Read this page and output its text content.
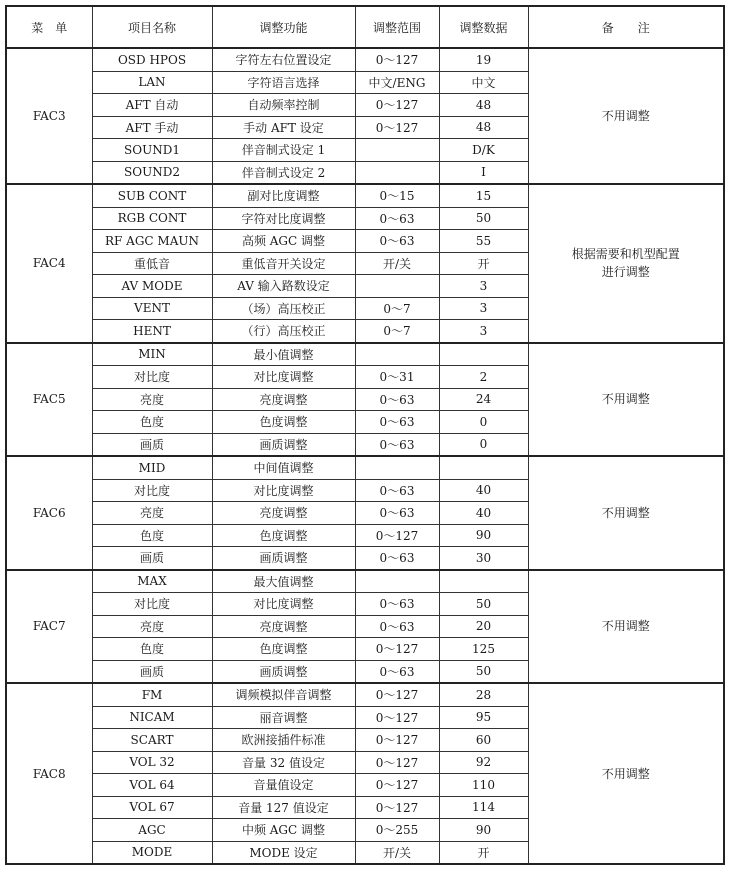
菜　单	项目名称	调整功能	调整范围	调整数据	备　　注
FAC3	OSD HPOS	字符左右位置设定	0～127	19	不用调整
	LAN	字符语言选择	中文/ENG	中文	
	AFT 自动	自动频率控制	0～127	48	
	AFT 手动	手动 AFT 设定	0～127	48	
	SOUND1	伴音制式设定 1		D/K	
	SOUND2	伴音制式设定 2		I	
FAC4	SUB CONT	副对比度调整	0～15	15	根据需要和机型配置
进行调整
	RGB CONT	字符对比度调整	0～63	50	
	RF AGC MAUN	高频 AGC 调整	0～63	55	
	重低音	重低音开关设定	开/关	开	
	AV MODE	AV 输入路数设定		3	
	VENT	（场）高压校正	0～7	3	
	HENT	（行）高压校正	0～7	3	
FAC5	MIN	最小值调整			不用调整
	对比度	对比度调整	0～31	2	
	亮度	亮度调整	0～63	24	
	色度	色度调整	0～63	0	
	画质	画质调整	0～63	0	
FAC6	MID	中间值调整			不用调整
	对比度	对比度调整	0～63	40	
	亮度	亮度调整	0～63	40	
	色度	色度调整	0～127	90	
	画质	画质调整	0～63	30	
FAC7	MAX	最大值调整			不用调整
	对比度	对比度调整	0～63	50	
	亮度	亮度调整	0～63	20	
	色度	色度调整	0～127	125	
	画质	画质调整	0～63	50	
FAC8	FM	调频模拟伴音调整	0～127	28	不用调整
	NICAM	丽音调整	0～127	95	
	SCART	欧洲接插件标准	0～127	60	
	VOL 32	音量 32 值设定	0～127	92	
	VOL 64	音量值设定	0～127	110	
	VOL 67	音量 127 值设定	0～127	114	
	AGC	中频 AGC 调整	0～255	90	
	MODE	MODE 设定	开/关	开	
